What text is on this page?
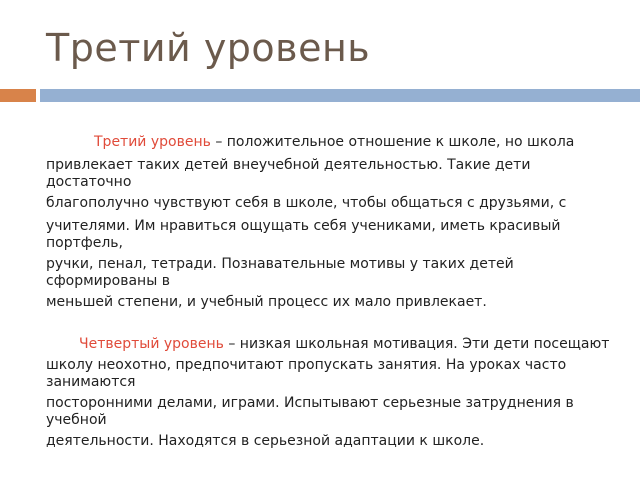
Третий уровень
Третий уровень – положительное отношение к школе, но школа
привлекает таких детей внеучебной деятельностью. Такие дети достаточно
благополучно чувствуют себя в школе, чтобы общаться с друзьями, с
учителями. Им нравиться ощущать себя учениками, иметь красивый портфель,
ручки, пенал, тетради. Познавательные мотивы у таких детей сформированы в
меньшей степени, и учебный процесс их мало привлекает.
Четвертый уровень – низкая школьная мотивация. Эти дети посещают
школу неохотно, предпочитают пропускать занятия. На уроках часто занимаются
посторонними делами, играми. Испытывают серьезные затруднения в учебной
деятельности. Находятся в серьезной адаптации к школе.
